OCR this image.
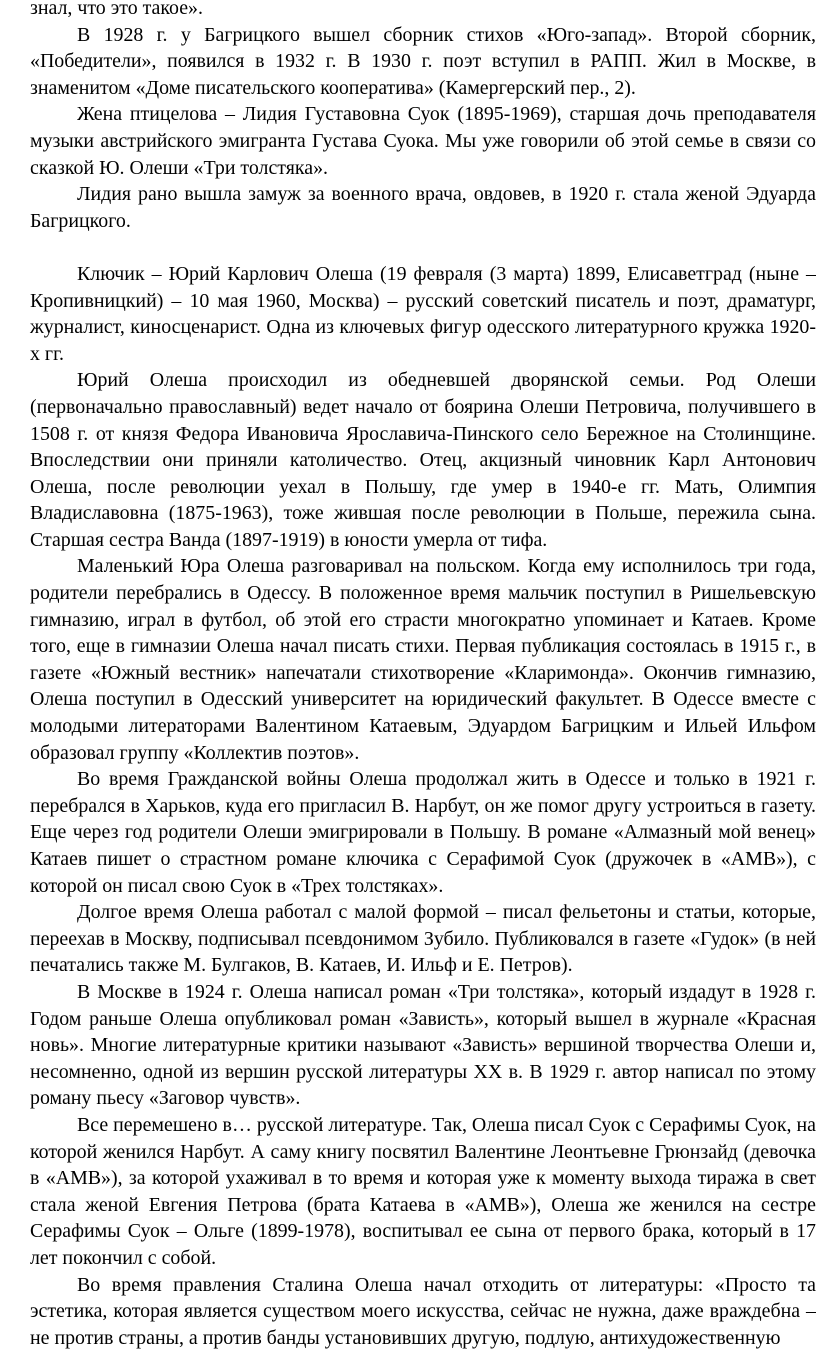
знал, что это такое».

В 1928 г. у Багрицкого вышел сборник стихов «Юго-запад». Второй сборник, «Победители», появился в 1932 г. В 1930 г. поэт вступил в РАПП. Жил в Москве, в знаменитом «Доме писательского кооператива» (Камергерский пер., 2).

Жена птицелова – Лидия Густавовна Суок (1895-1969), старшая дочь преподавателя музыки австрийского эмигранта Густава Суока. Мы уже говорили об этой семье в связи со сказкой Ю. Олеши «Три толстяка».

Лидия рано вышла замуж за военного врача, овдовев, в 1920 г. стала женой Эдуарда Багрицкого.

Ключик – Юрий Карлович Олеша (19 февраля (3 марта) 1899, Елисаветград (ныне – Кропивницкий) – 10 мая 1960, Москва) – русский советский писатель и поэт, драматург, журналист, киносценарист. Одна из ключевых фигур одесского литературного кружка 1920-х гг.

Юрий Олеша происходил из обедневшей дворянской семьи. Род Олеши (первоначально православный) ведет начало от боярина Олеши Петровича, получившего в 1508 г. от князя Федора Ивановича Ярославича-Пинского село Бережное на Столинщине. Впоследствии они приняли католичество. Отец, акцизный чиновник Карл Антонович Олеша, после революции уехал в Польшу, где умер в 1940-е гг. Мать, Олимпия Владиславовна (1875-1963), тоже жившая после революции в Польше, пережила сына. Старшая сестра Ванда (1897-1919) в юности умерла от тифа.

Маленький Юра Олеша разговаривал на польском. Когда ему исполнилось три года, родители перебрались в Одессу. В положенное время мальчик поступил в Ришельевскую гимназию, играл в футбол, об этой его страсти многократно упоминает и Катаев. Кроме того, еще в гимназии Олеша начал писать стихи. Первая публикация состоялась в 1915 г., в газете «Южный вестник» напечатали стихотворение «Кларимонда». Окончив гимназию, Олеша поступил в Одесский университет на юридический факультет. В Одессе вместе с молодыми литераторами Валентином Катаевым, Эдуардом Багрицким и Ильей Ильфом образовал группу «Коллектив поэтов».

Во время Гражданской войны Олеша продолжал жить в Одессе и только в 1921 г. перебрался в Харьков, куда его пригласил В. Нарбут, он же помог другу устроиться в газету. Еще через год родители Олеши эмигрировали в Польшу. В романе «Алмазный мой венец» Катаев пишет о страстном романе ключика с Серафимой Суок (дружочек в «АМВ»), с которой он писал свою Суок в «Трех толстяках».

Долгое время Олеша работал с малой формой – писал фельетоны и статьи, которые, переехав в Москву, подписывал псевдонимом Зубило. Публиковался в газете «Гудок» (в ней печатались также М. Булгаков, В. Катаев, И. Ильф и Е. Петров).

В Москве в 1924 г. Олеша написал роман «Три толстяка», который издадут в 1928 г. Годом раньше Олеша опубликовал роман «Зависть», который вышел в журнале «Красная новь». Многие литературные критики называют «Зависть» вершиной творчества Олеши и, несомненно, одной из вершин русской литературы XX в. В 1929 г. автор написал по этому роману пьесу «Заговор чувств».

Все перемешено в… русской литературе. Так, Олеша писал Суок с Серафимы Суок, на которой женился Нарбут. А саму книгу посвятил Валентине Леонтьевне Грюнзайд (девочка в «АМВ»), за которой ухаживал в то время и которая уже к моменту выхода тиража в свет стала женой Евгения Петрова (брата Катаева в «АМВ»), Олеша же женился на сестре Серафимы Суок – Ольге (1899-1978), воспитывал ее сына от первого брака, который в 17 лет покончил с собой.

Во время правления Сталина Олеша начал отходить от литературы: «Просто та эстетика, которая является существом моего искусства, сейчас не нужна, даже враждебна – не против страны, а против банды установивших другую, подлую, антихудожественную
